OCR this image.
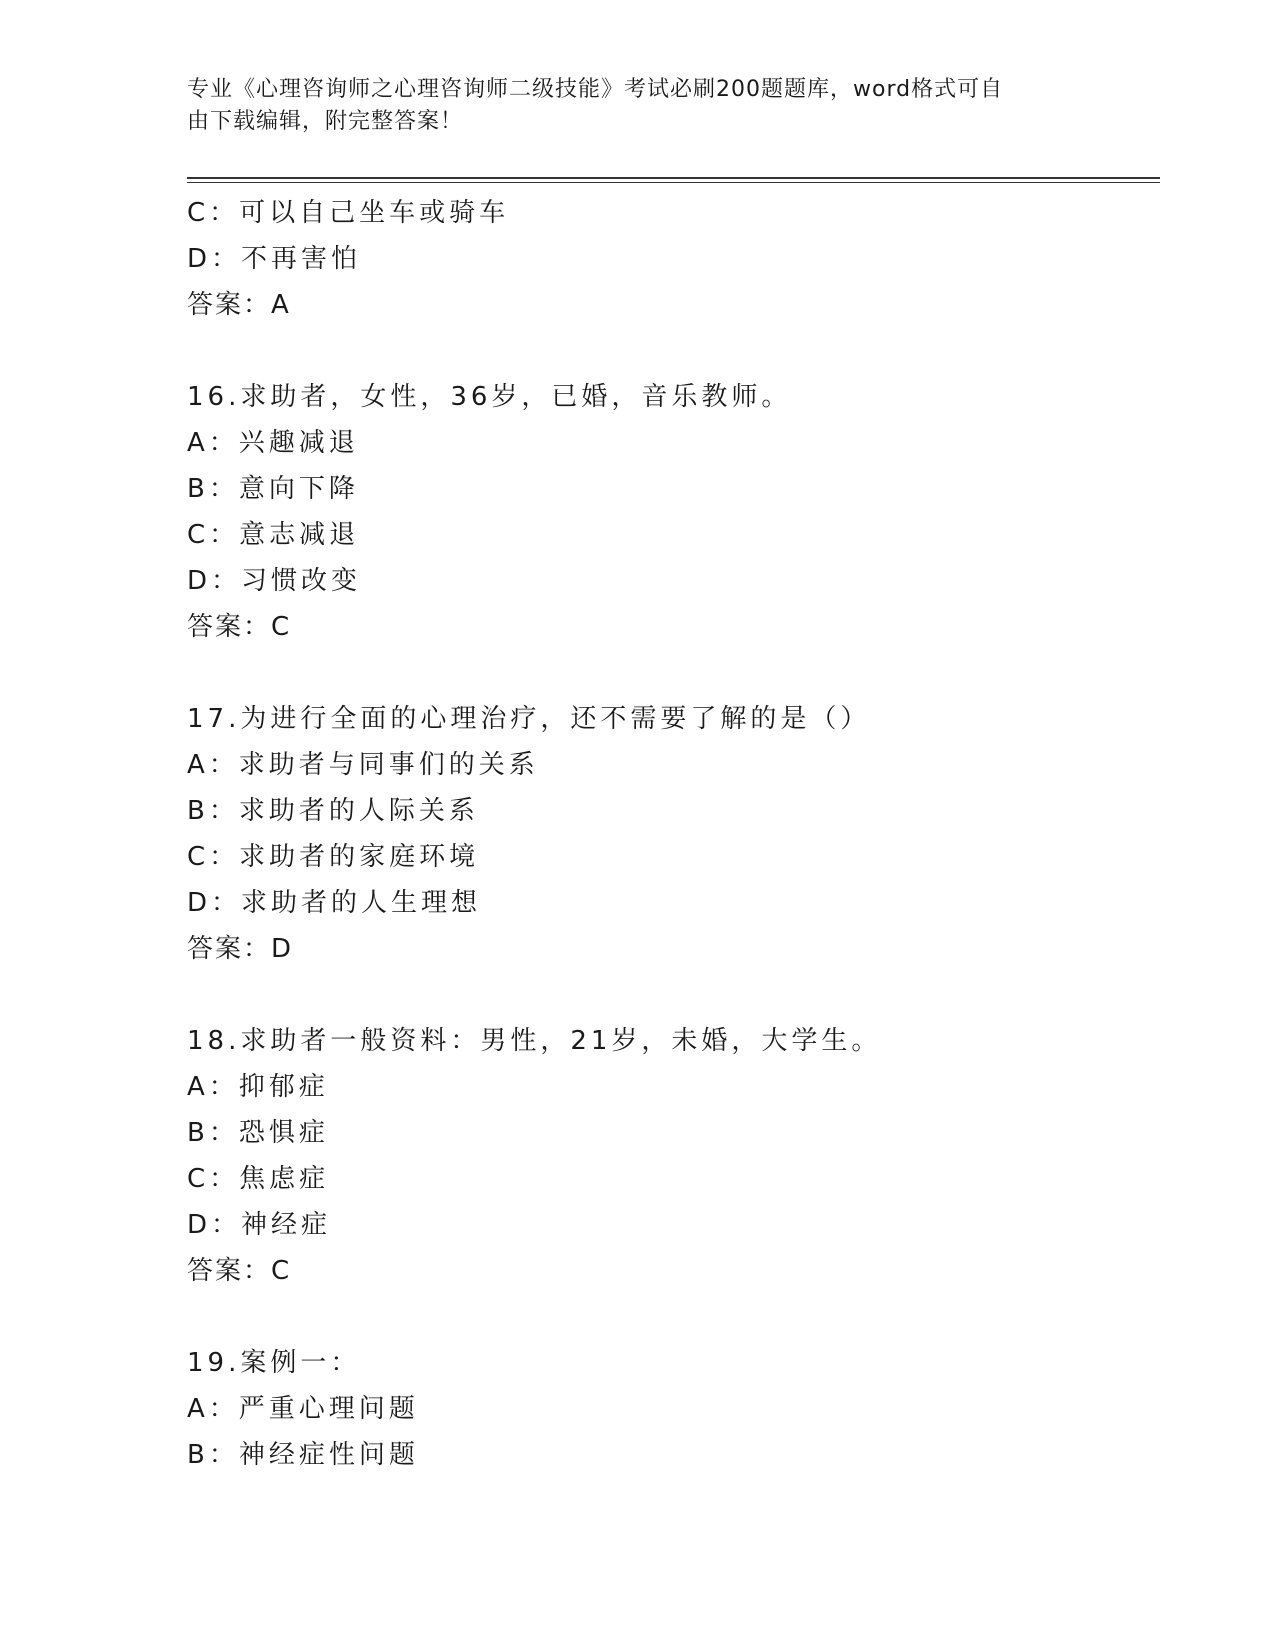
专业《心理咨询师之心理咨询师二级技能》考试必刷200题题库，word格式可自
由下载编辑，附完整答案！
C：可以自己坐车或骑车
D：不再害怕
答案：A
16.求助者，女性，36岁，已婚，音乐教师。
A：兴趣减退
B：意向下降
C：意志减退
D：习惯改变
答案：C
17.为进行全面的心理治疗，还不需要了解的是（）
A：求助者与同事们的关系
B：求助者的人际关系
C：求助者的家庭环境
D：求助者的人生理想
答案：D
18.求助者一般资料：男性，21岁，未婚，大学生。
A：抑郁症
B：恐惧症
C：焦虑症
D：神经症
答案：C
19.案例一：
A：严重心理问题
B：神经症性问题
